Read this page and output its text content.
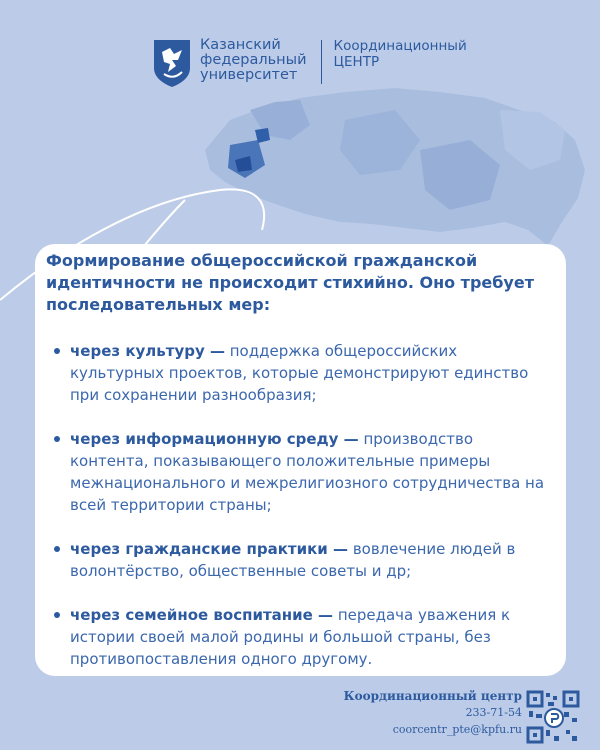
Казанский
федеральный
университет
Координационный
ЦЕНТР
Формирование общероссийской гражданской идентичности не происходит стихийно. Оно требует последовательных мер:
через культуру — поддержка общероссийских культурных проектов, которые демонстрируют единство при сохранении разнообразия;
через информационную среду — производство контента, показывающего положительные примеры межнационального и межрелигиозного сотрудничества на всей территории страны;
через гражданские практики — вовлечение людей в волонтёрство, общественные советы и др;
через семейное воспитание — передача уважения к истории своей малой родины и большой страны, без противопоставления одного другому.
Координационный центр
233-71-54
coorcentr_pte@kpfu.ru
